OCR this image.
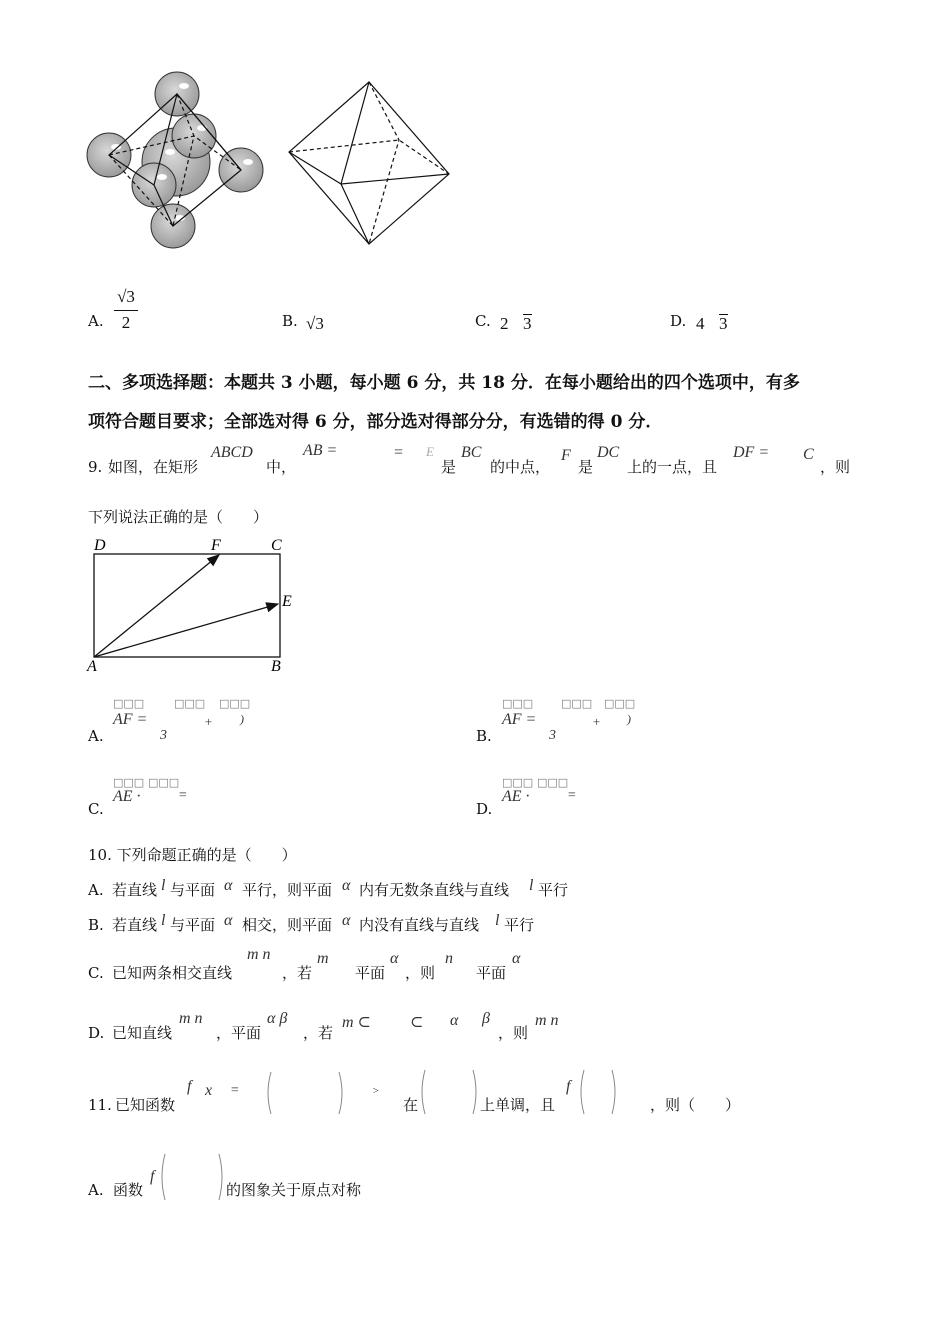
A.
√3
2	B. √3	C. 2 3	D. 4 3
二、多项选择题：本题共 3 小题，每小题 6 分，共 18 分．在每小题给出的四个选项中，有多
项符合题目要求；全部选对得 6 分，部分选对得部分分，有选错的得 0 分．
9. 如图，在矩形
ABCD
中，
AB =	= E
是
BC
的中点，
F
是
DC
上的一点，且
DF = C
，则
下列说法正确的是（　　）
D	F	C
E
A	B
□□□	□□□ □□□
A.
AF =
3
+ )
□□□	□□□ □□□
B.
AF =
3
+ )
□□□ □□□
C.
AE ·	=
□□□ □□□
D.
AE ·	=
10. 下列命题正确的是（　　）
A. 若直线 l 与平面 α 平行，则平面 α 内有无数条直线与直线 l 平行
B. 若直线 l 与平面 α 相交，则平面 α 内没有直线与直线 l 平行
C. 已知两条相交直线
m n
，若
m
平面
α
，则
n
平面
α
D. 已知直线
m n
，平面
α β
，若
m ⊂ ⊂ α β
，则
m n
11. 已知函数
f x =	>
在	上单调，且
f
，则（　　）
A. 函数
f
的图象关于原点对称
